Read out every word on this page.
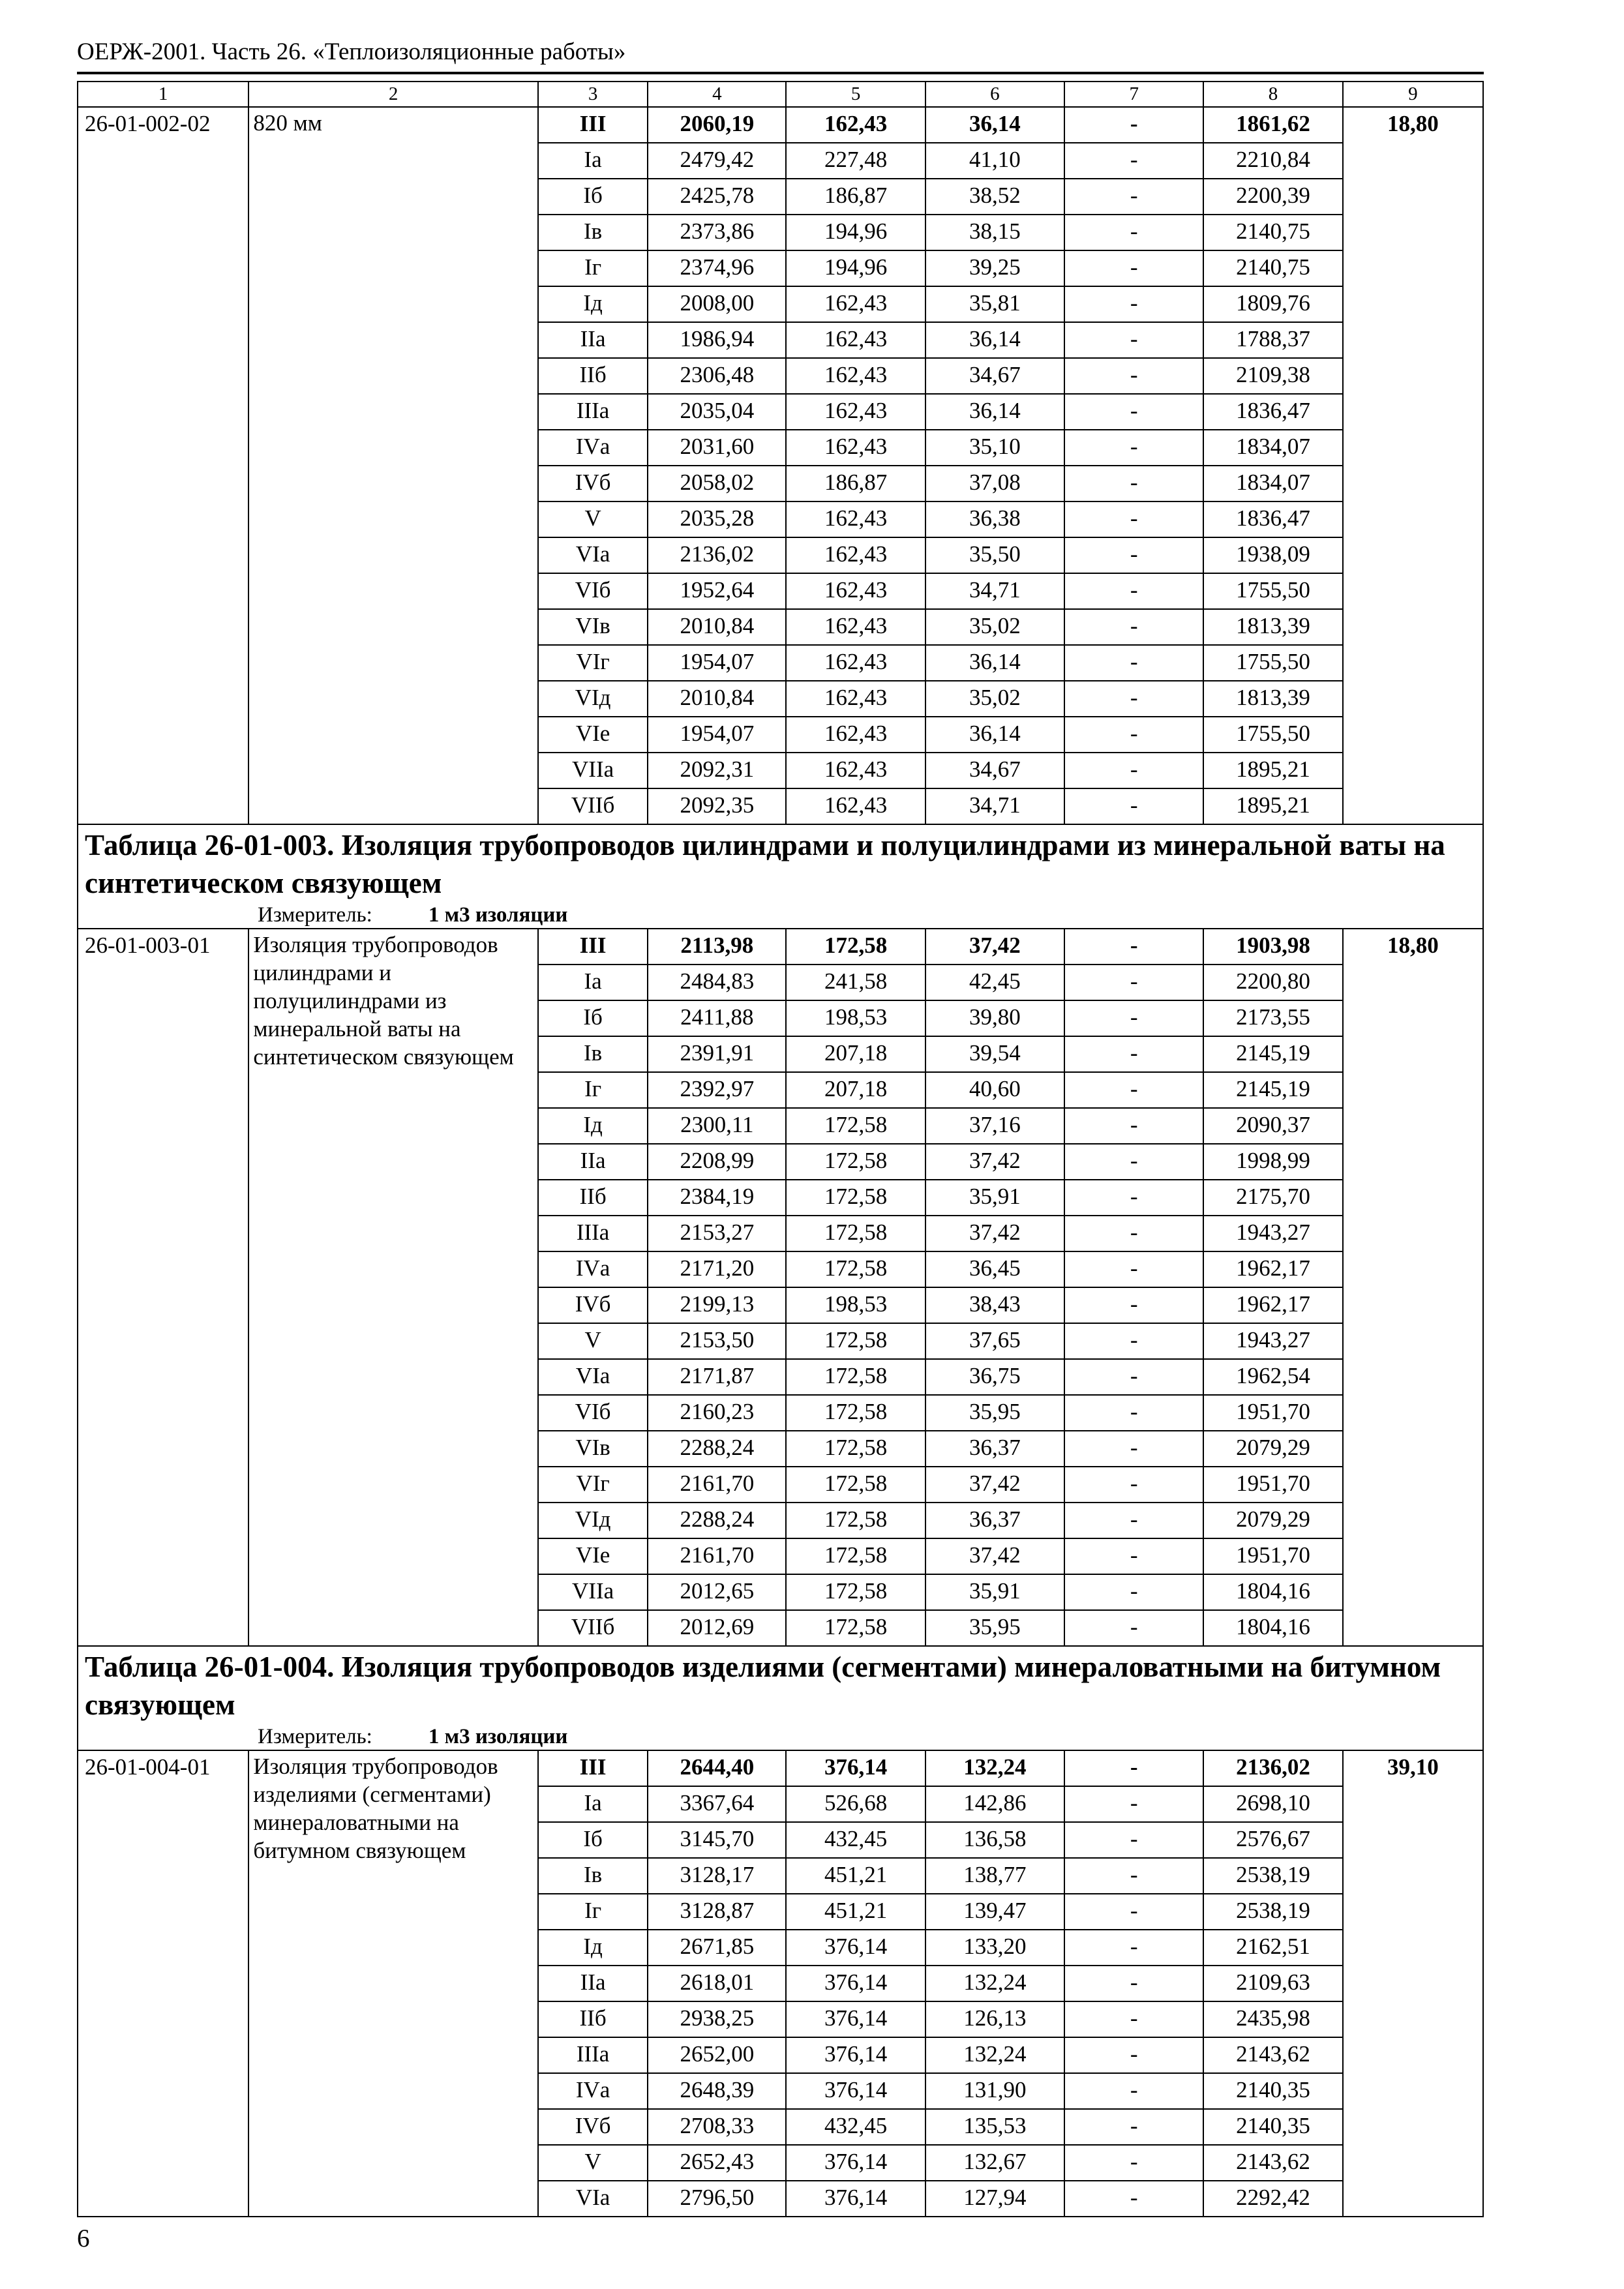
ОЕРЖ-2001. Часть 26. «Теплоизоляционные работы»
1	2	3	4	5	6	7	8	9
26-01-002-02	820 мм	III	2060,19	162,43	36,14	-	1861,62	18,80
		Iа	2479,42	227,48	41,10	-	2210,84	
		Iб	2425,78	186,87	38,52	-	2200,39	
		Iв	2373,86	194,96	38,15	-	2140,75	
		Iг	2374,96	194,96	39,25	-	2140,75	
		Iд	2008,00	162,43	35,81	-	1809,76	
		IIа	1986,94	162,43	36,14	-	1788,37	
		IIб	2306,48	162,43	34,67	-	2109,38	
		IIIа	2035,04	162,43	36,14	-	1836,47	
		IVа	2031,60	162,43	35,10	-	1834,07	
		IVб	2058,02	186,87	37,08	-	1834,07	
		V	2035,28	162,43	36,38	-	1836,47	
		VIа	2136,02	162,43	35,50	-	1938,09	
		VIб	1952,64	162,43	34,71	-	1755,50	
		VIв	2010,84	162,43	35,02	-	1813,39	
		VIг	1954,07	162,43	36,14	-	1755,50	
		VIд	2010,84	162,43	35,02	-	1813,39	
		VIе	1954,07	162,43	36,14	-	1755,50	
		VIIа	2092,31	162,43	34,67	-	1895,21	
		VIIб	2092,35	162,43	34,71	-	1895,21	

Таблица 26-01-003. Изоляция трубопроводов цилиндрами и полуцилиндрами из минеральной ваты на синтетическом связующем
Измеритель: 1 м3 изоляции								

26-01-003-01	Изоляция трубопроводов цилиндрами и полуцилиндрами из минеральной ваты на синтетическом связующем	III	2113,98	172,58	37,42	-	1903,98	18,80
		Iа	2484,83	241,58	42,45	-	2200,80	
		Iб	2411,88	198,53	39,80	-	2173,55	
		Iв	2391,91	207,18	39,54	-	2145,19	
		Iг	2392,97	207,18	40,60	-	2145,19	
		Iд	2300,11	172,58	37,16	-	2090,37	
		IIа	2208,99	172,58	37,42	-	1998,99	
		IIб	2384,19	172,58	35,91	-	2175,70	
		IIIа	2153,27	172,58	37,42	-	1943,27	
		IVа	2171,20	172,58	36,45	-	1962,17	
		IVб	2199,13	198,53	38,43	-	1962,17	
		V	2153,50	172,58	37,65	-	1943,27	
		VIа	2171,87	172,58	36,75	-	1962,54	
		VIб	2160,23	172,58	35,95	-	1951,70	
		VIв	2288,24	172,58	36,37	-	2079,29	
		VIг	2161,70	172,58	37,42	-	1951,70	
		VIд	2288,24	172,58	36,37	-	2079,29	
		VIе	2161,70	172,58	37,42	-	1951,70	
		VIIа	2012,65	172,58	35,91	-	1804,16	
		VIIб	2012,69	172,58	35,95	-	1804,16	

Таблица 26-01-004. Изоляция трубопроводов изделиями (сегментами) минераловатными на битумном связующем
Измеритель: 1 м3 изоляции								

26-01-004-01	Изоляция трубопроводов изделиями (сегментами) минераловатными на битумном связующем	III	2644,40	376,14	132,24	-	2136,02	39,10
		Iа	3367,64	526,68	142,86	-	2698,10	
		Iб	3145,70	432,45	136,58	-	2576,67	
		Iв	3128,17	451,21	138,77	-	2538,19	
		Iг	3128,87	451,21	139,47	-	2538,19	
		Iд	2671,85	376,14	133,20	-	2162,51	
		IIа	2618,01	376,14	132,24	-	2109,63	
		IIб	2938,25	376,14	126,13	-	2435,98	
		IIIа	2652,00	376,14	132,24	-	2143,62	
		IVа	2648,39	376,14	131,90	-	2140,35	
		IVб	2708,33	432,45	135,53	-	2140,35	
		V	2652,43	376,14	132,67	-	2143,62	
		VIа	2796,50	376,14	127,94	-	2292,42	
6
